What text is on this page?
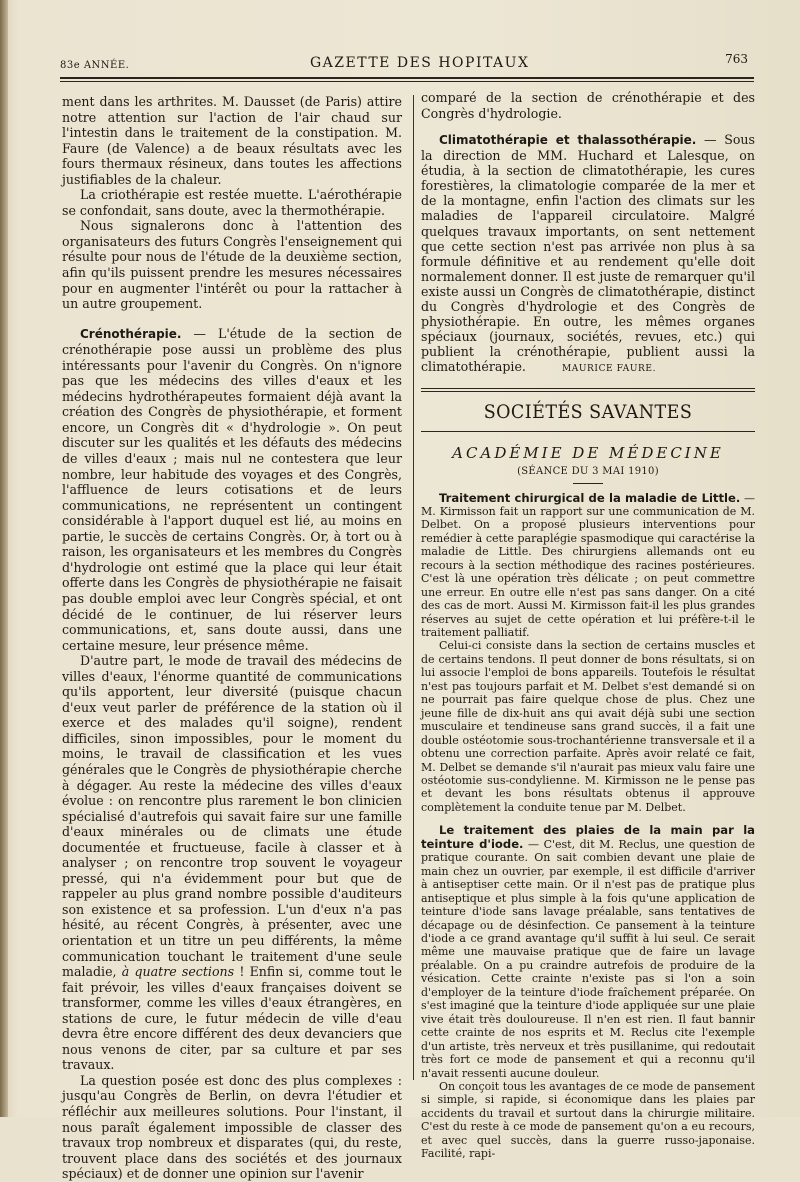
83e ANNÉE.	GAZETTE DES HOPITAUX	763

ment dans les arthrites. M. Dausset (de Paris) attire notre attention sur l'action de l'air chaud sur l'intestin dans le traitement de la constipation. M. Faure (de Valence) a de beaux résultats avec les fours thermaux résineux, dans toutes les affections justifiables de la chaleur.

La criothérapie est restée muette. L'aérothérapie se confondait, sans doute, avec la thermothérapie.

Nous signalerons donc à l'attention des organisateurs des futurs Congrès l'enseignement qui résulte pour nous de l'étude de la deuxième section, afin qu'ils puissent prendre les mesures nécessaires pour en augmenter l'intérêt ou pour la rattacher à un autre groupement.

Crénothérapie. — L'étude de la section de crénothérapie pose aussi un problème des plus intéressants pour l'avenir du Congrès. On n'ignore pas que les médecins des villes d'eaux et les médecins hydrothérapeutes formaient déjà avant la création des Congrès de physiothérapie, et forment encore, un Congrès dit « d'hydrologie ». On peut discuter sur les qualités et les défauts des médecins de villes d'eaux ; mais nul ne contestera que leur nombre, leur habitude des voyages et des Congrès, l'affluence de leurs cotisations et de leurs communications, ne représentent un contingent considérable à l'apport duquel est lié, au moins en partie, le succès de certains Congrès. Or, à tort ou à raison, les organisateurs et les membres du Congrès d'hydrologie ont estimé que la place qui leur était offerte dans les Congrès de physiothérapie ne faisait pas double emploi avec leur Congrès spécial, et ont décidé de le continuer, de lui réserver leurs communications, et, sans doute aussi, dans une certaine mesure, leur présence même.

D'autre part, le mode de travail des médecins de villes d'eaux, l'énorme quantité de communications qu'ils apportent, leur diversité (puisque chacun d'eux veut parler de préférence de la station où il exerce et des malades qu'il soigne), rendent difficiles, sinon impossibles, pour le moment du moins, le travail de classification et les vues générales que le Congrès de physiothérapie cherche à dégager. Au reste la médecine des villes d'eaux évolue : on rencontre plus rarement le bon clinicien spécialisé d'autrefois qui savait faire sur une famille d'eaux minérales ou de climats une étude documentée et fructueuse, facile à classer et à analyser ; on rencontre trop souvent le voyageur pressé, qui n'a évidemment pour but que de rappeler au plus grand nombre possible d'auditeurs son existence et sa profession. L'un d'eux n'a pas hésité, au récent Congrès, à présenter, avec une orientation et un titre un peu différents, la même communication touchant le traitement d'une seule maladie, à quatre sections ! Enfin si, comme tout le fait prévoir, les villes d'eaux françaises doivent se transformer, comme les villes d'eaux étrangères, en stations de cure, le futur médecin de ville d'eau devra être encore différent des deux devanciers que nous venons de citer, par sa culture et par ses travaux.

La question posée est donc des plus complexes : jusqu'au Congrès de Berlin, on devra l'étudier et réfléchir aux meilleures solutions. Pour l'instant, il nous paraît également impossible de classer des travaux trop nombreux et disparates (qui, du reste, trouvent place dans des sociétés et des journaux spéciaux) et de donner une opinion sur l'avenir

comparé de la section de crénothérapie et des Congrès d'hydrologie.

Climatothérapie et thalassothérapie. — Sous la direction de MM. Huchard et Lalesque, on étudia, à la section de climatothérapie, les cures forestières, la climatologie comparée de la mer et de la montagne, enfin l'action des climats sur les maladies de l'appareil circulatoire. Malgré quelques travaux importants, on sent nettement que cette section n'est pas arrivée non plus à sa formule définitive et au rendement qu'elle doit normalement donner. Il est juste de remarquer qu'il existe aussi un Congrès de climatothérapie, distinct du Congrès d'hydrologie et des Congrès de physiothérapie. En outre, les mêmes organes spéciaux (journaux, sociétés, revues, etc.) qui publient la crénothérapie, publient aussi la climatothérapie.	MAURICE FAURE.

SOCIÉTÉS SAVANTES
ACADÉMIE DE MÉDECINE
(SÉANCE DU 3 MAI 1910)

Traitement chirurgical de la maladie de Little. — M. Kirmisson fait un rapport sur une communication de M. Delbet. On a proposé plusieurs interventions pour remédier à cette paraplégie spasmodique qui caractérise la maladie de Little. Des chirurgiens allemands ont eu recours à la section méthodique des racines postérieures. C'est là une opération très délicate ; on peut commettre une erreur. En outre elle n'est pas sans danger. On a cité des cas de mort. Aussi M. Kirmisson fait-il les plus grandes réserves au sujet de cette opération et lui préfère-t-il le traitement palliatif.

Celui-ci consiste dans la section de certains muscles et de certains tendons. Il peut donner de bons résultats, si on lui associe l'emploi de bons appareils. Toutefois le résultat n'est pas toujours parfait et M. Delbet s'est demandé si on ne pourrait pas faire quelque chose de plus. Chez une jeune fille de dix-huit ans qui avait déjà subi une section musculaire et tendineuse sans grand succès, il a fait une double ostéotomie sous-trochantérienne transversale et il a obtenu une correction parfaite. Après avoir relaté ce fait, M. Delbet se demande s'il n'aurait pas mieux valu faire une ostéotomie sus-condylienne. M. Kirmisson ne le pense pas et devant les bons résultats obtenus il approuve complètement la conduite tenue par M. Delbet.

Le traitement des plaies de la main par la teinture d'iode. — C'est, dit M. Reclus, une question de pratique courante. On sait combien devant une plaie de main chez un ouvrier, par exemple, il est difficile d'arriver à antiseptiser cette main. Or il n'est pas de pratique plus antiseptique et plus simple à la fois qu'une application de teinture d'iode sans lavage préalable, sans tentatives de décapage ou de désinfection. Ce pansement à la teinture d'iode a ce grand avantage qu'il suffit à lui seul. Ce serait même une mauvaise pratique que de faire un lavage préalable. On a pu craindre autrefois de produire de la vésication. Cette crainte n'existe pas si l'on a soin d'employer de la teinture d'iode fraîchement préparée. On s'est imaginé que la teinture d'iode appliquée sur une plaie vive était très douloureuse. Il n'en est rien. Il faut bannir cette crainte de nos esprits et M. Reclus cite l'exemple d'un artiste, très nerveux et très pusillanime, qui redoutait très fort ce mode de pansement et qui a reconnu qu'il n'avait ressenti aucune douleur.

On conçoit tous les avantages de ce mode de pansement si simple, si rapide, si économique dans les plaies par accidents du travail et surtout dans la chirurgie militaire. C'est du reste à ce mode de pansement qu'on a eu recours, et avec quel succès, dans la guerre russo-japonaise. Facilité, rapi-
